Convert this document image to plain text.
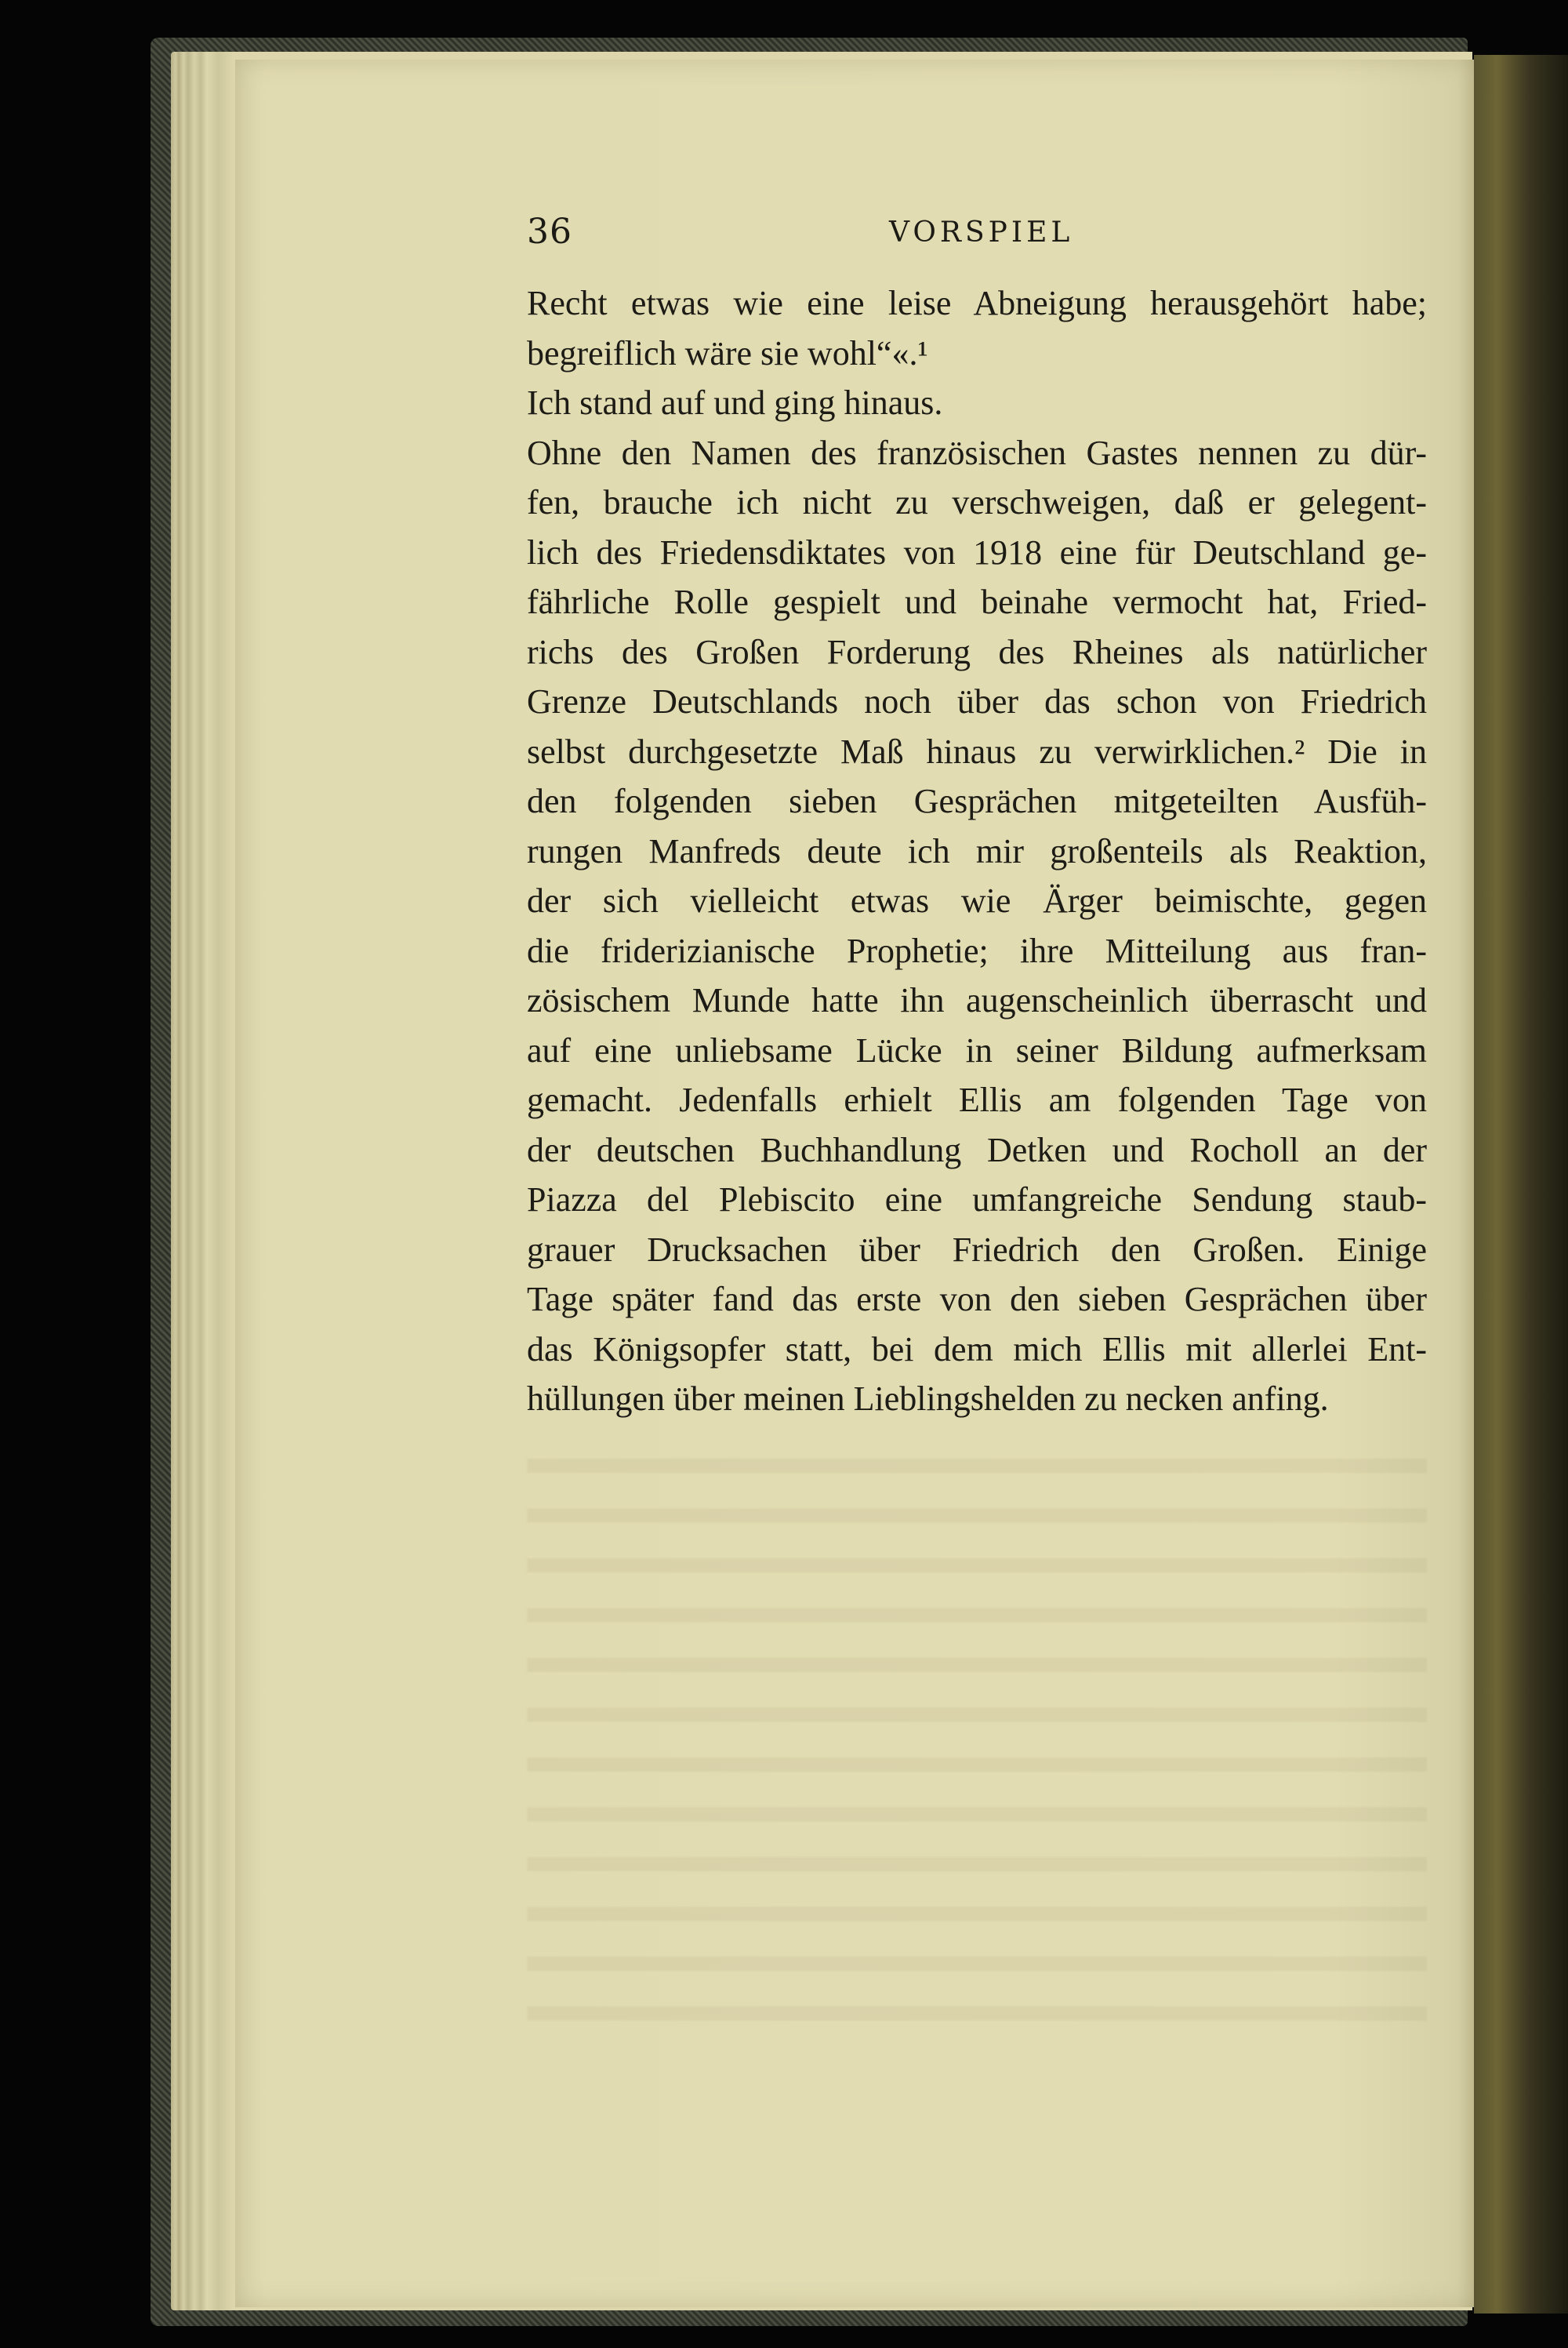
36	VORSPIEL
Recht etwas wie eine leise Abneigung herausgehört habe;
begreiflich wäre sie wohl“«.¹
Ich stand auf und ging hinaus.
Ohne den Namen des französischen Gastes nennen zu dür-
fen, brauche ich nicht zu verschweigen, daß er gelegent-
lich des Friedensdiktates von 1918 eine für Deutschland ge-
fährliche Rolle gespielt und beinahe vermocht hat, Fried-
richs des Großen Forderung des Rheines als natürlicher
Grenze Deutschlands noch über das schon von Friedrich
selbst durchgesetzte Maß hinaus zu verwirklichen.² Die in
den folgenden sieben Gesprächen mitgeteilten Ausfüh-
rungen Manfreds deute ich mir großenteils als Reaktion,
der sich vielleicht etwas wie Ärger beimischte, gegen
die friderizianische Prophetie; ihre Mitteilung aus fran-
zösischem Munde hatte ihn augenscheinlich überrascht und
auf eine unliebsame Lücke in seiner Bildung aufmerksam
gemacht. Jedenfalls erhielt Ellis am folgenden Tage von
der deutschen Buchhandlung Detken und Rocholl an der
Piazza del Plebiscito eine umfangreiche Sendung staub-
grauer Drucksachen über Friedrich den Großen. Einige
Tage später fand das erste von den sieben Gesprächen über
das Königsopfer statt, bei dem mich Ellis mit allerlei Ent-
hüllungen über meinen Lieblingshelden zu necken anfing.
